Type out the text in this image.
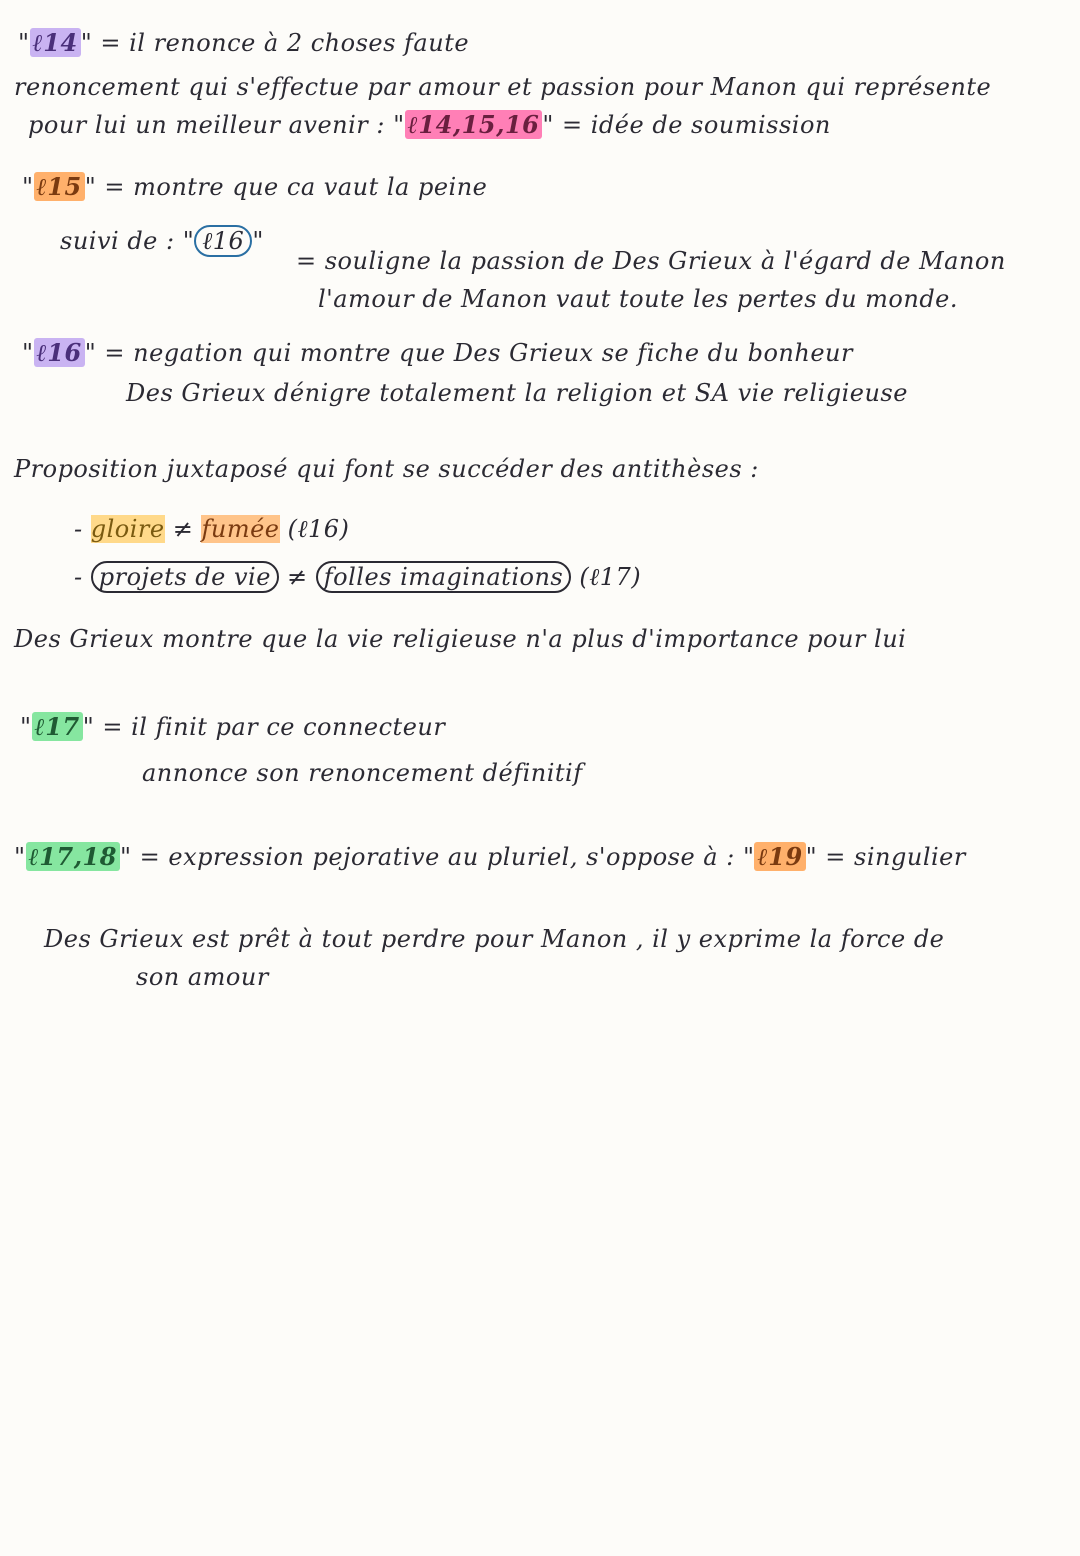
" ℓ14 " = il renonce à 2 choses faute
renoncement qui s'effectue par amour et passion pour Manon qui représente
pour lui un meilleur avenir : " ℓ14,15,16 " = idée de soumission
" ℓ15 " = montre que ca vaut la peine
suivi de : " ℓ16 "
= souligne la passion de Des Grieux à l'égard de Manon
l'amour de Manon vaut toute les pertes du monde.
" ℓ16 " = negation qui montre que Des Grieux se fiche du bonheur
Des Grieux dénigre totalement la religion et SA vie religieuse
Proposition juxtaposé qui font se succéder des antithèses :
- gloire ≠ fumée (ℓ16)
- projets de vie ≠ folles imaginations (ℓ17)
Des Grieux montre que la vie religieuse n'a plus d'importance pour lui
" ℓ17 " = il finit par ce connecteur
annonce son renoncement définitif
" ℓ17,18 " = expression pejorative au pluriel, s'oppose à : " ℓ19 " = singulier
Des Grieux est prêt à tout perdre pour Manon , il y exprime la force de
son amour
